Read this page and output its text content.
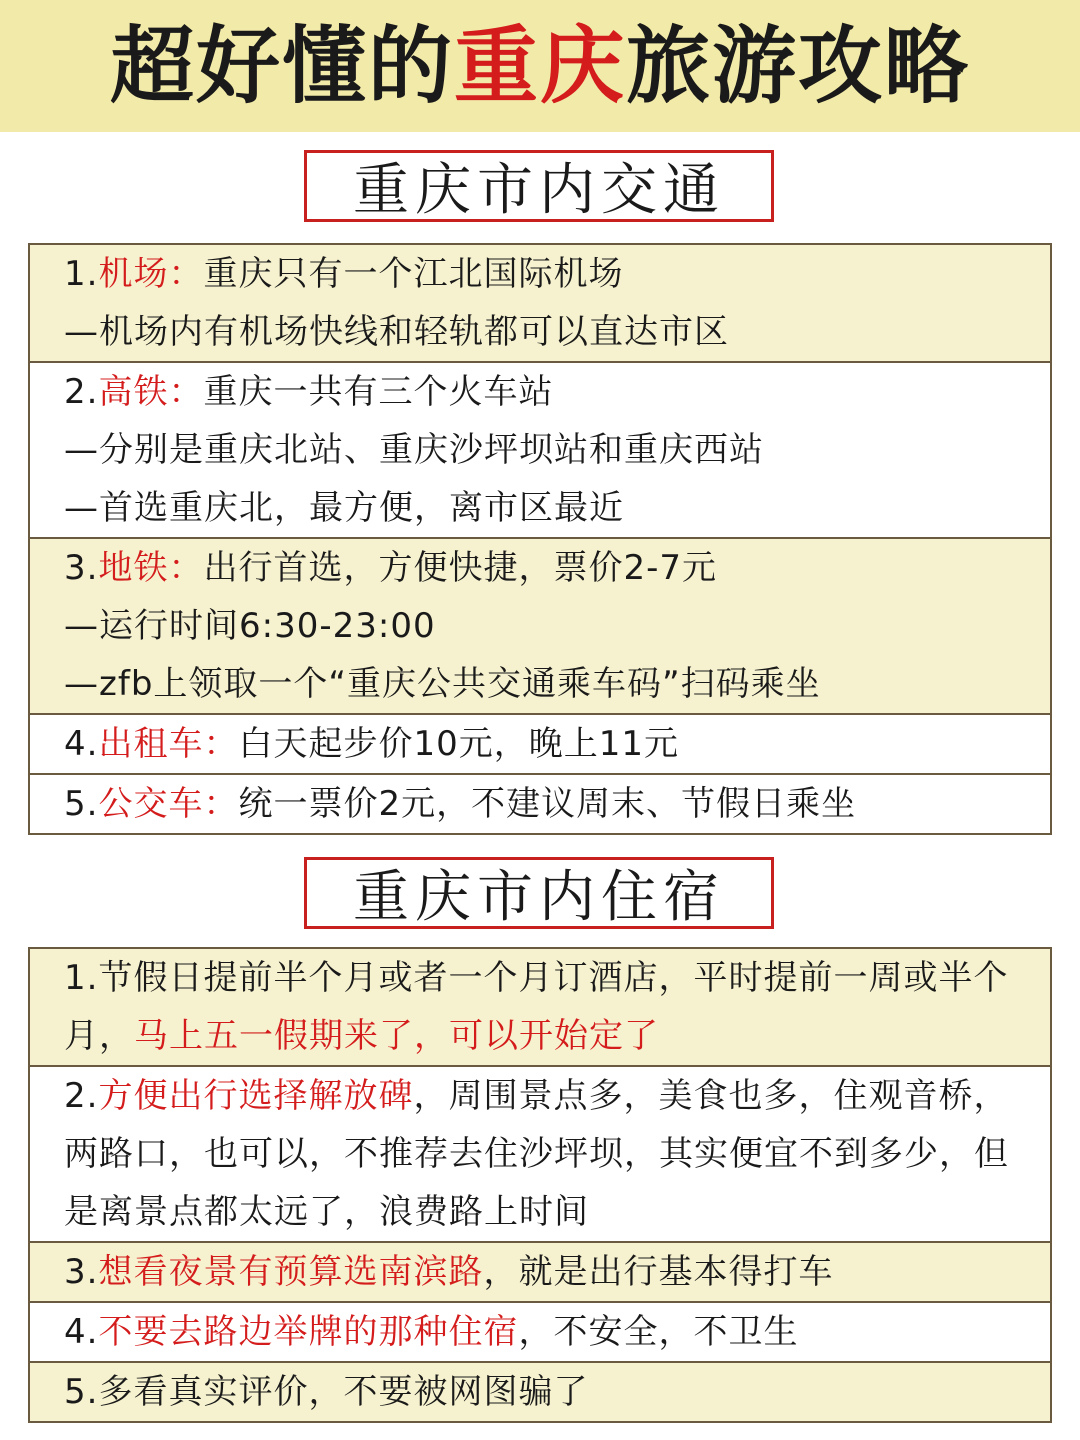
超好懂的重庆旅游攻略
重庆市内交通
1.机场：重庆只有一个江北国际机场
—机场内有机场快线和轻轨都可以直达市区
2.高铁：重庆一共有三个火车站
—分别是重庆北站、重庆沙坪坝站和重庆西站
—首选重庆北，最方便，离市区最近
3.地铁：出行首选，方便快捷，票价2-7元
—运行时间6:30-23:00
—zfb上领取一个“重庆公共交通乘车码”扫码乘坐
4.出租车：白天起步价10元，晚上11元
5.公交车：统一票价2元，不建议周末、节假日乘坐
重庆市内住宿
1.节假日提前半个月或者一个月订酒店，平时提前一周或半个月，马上五一假期来了，可以开始定了
2.方便出行选择解放碑，周围景点多，美食也多，住观音桥，两路口，也可以，不推荐去住沙坪坝，其实便宜不到多少，但是离景点都太远了，浪费路上时间
3.想看夜景有预算选南滨路，就是出行基本得打车
4.不要去路边举牌的那种住宿，不安全，不卫生
5.多看真实评价，不要被网图骗了
